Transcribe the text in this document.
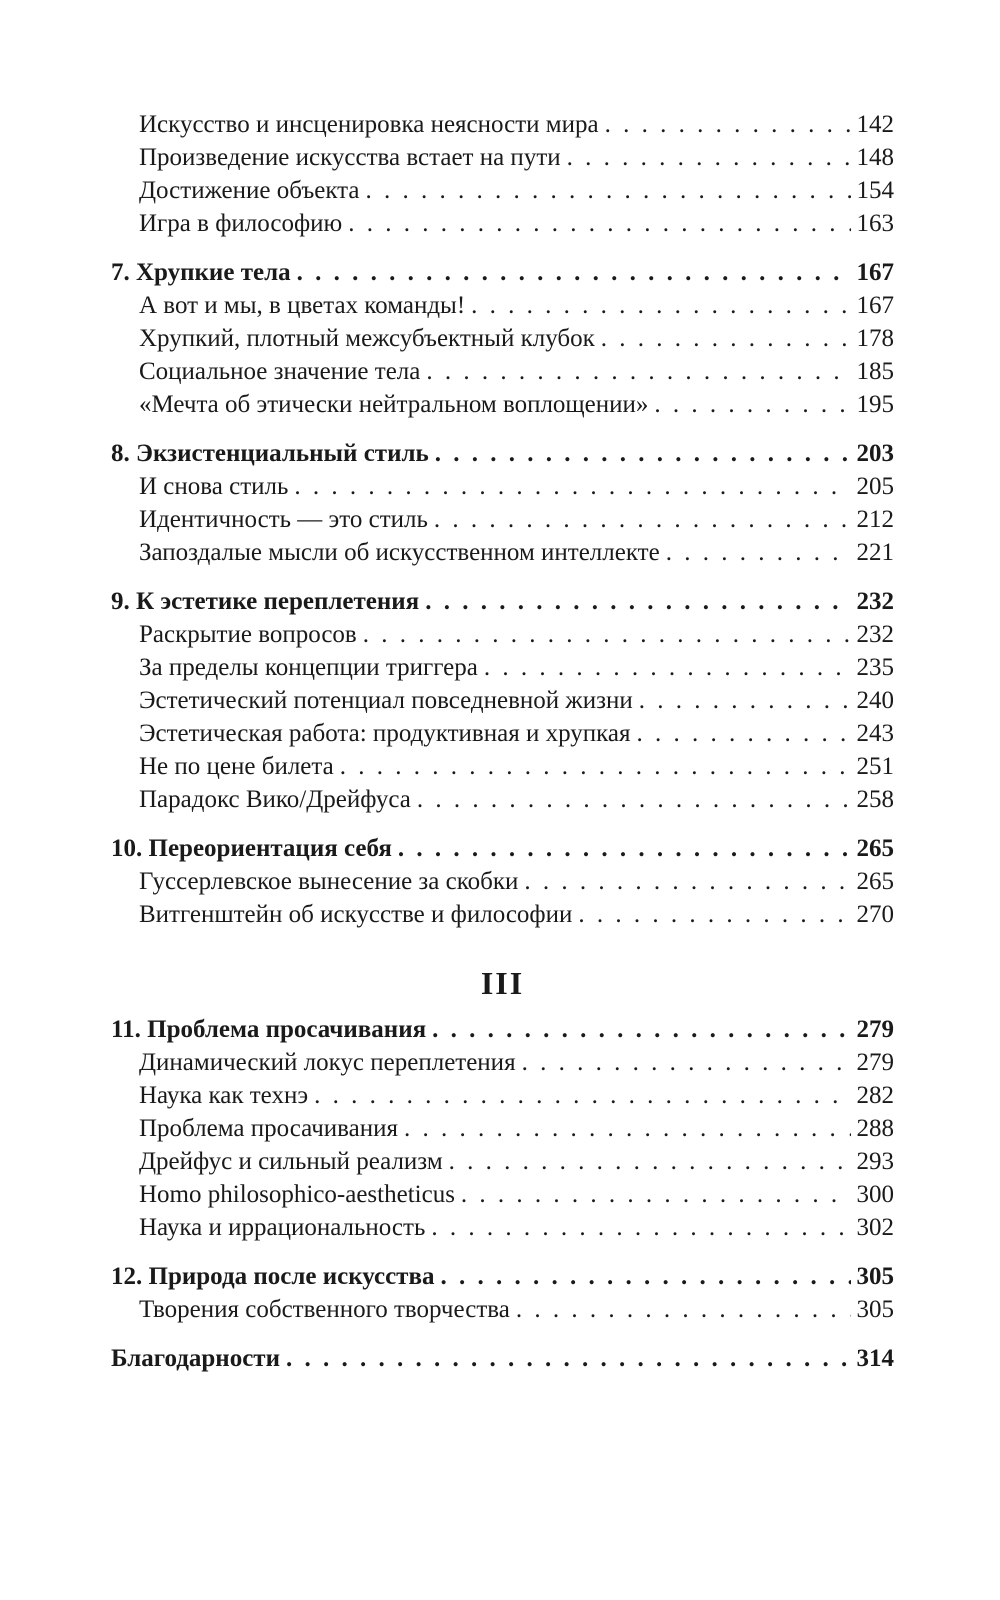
Искусство и инсценировка неясности мира . . .	142
Произведение искусства встает на пути . . .	148
Достижение объекта . . .	154
Игра в философию . . .	163
7. Хрупкие тела . . .	167
А вот и мы, в цветах команды! . . .	167
Хрупкий, плотный межсубъектный клубок . . .	178
Социальное значение тела . . .	185
«Мечта об этически нейтральном воплощении» . . .	195
8. Экзистенциальный стиль . . .	203
И снова стиль . . .	205
Идентичность — это стиль . . .	212
Запоздалые мысли об искусственном интеллекте . . .	221
9. К эстетике переплетения . . .	232
Раскрытие вопросов . . .	232
За пределы концепции триггера . . .	235
Эстетический потенциал повседневной жизни . . .	240
Эстетическая работа: продуктивная и хрупкая . . .	243
Не по цене билета . . .	251
Парадокс Вико/Дрейфуса . . .	258
10. Переориентация себя . . .	265
Гуссерлевское вынесение за скобки . . .	265
Витгенштейн об искусстве и философии . . .	270
III
11. Проблема просачивания . . .	279
Динамический локус переплетения . . .	279
Наука как технэ . . .	282
Проблема просачивания . . .	288
Дрейфус и сильный реализм . . .	293
Homo philosophico-aestheticus . . .	300
Наука и иррациональность . . .	302
12. Природа после искусства . . .	305
Творения собственного творчества . . .	305
Благодарности . . .	314
